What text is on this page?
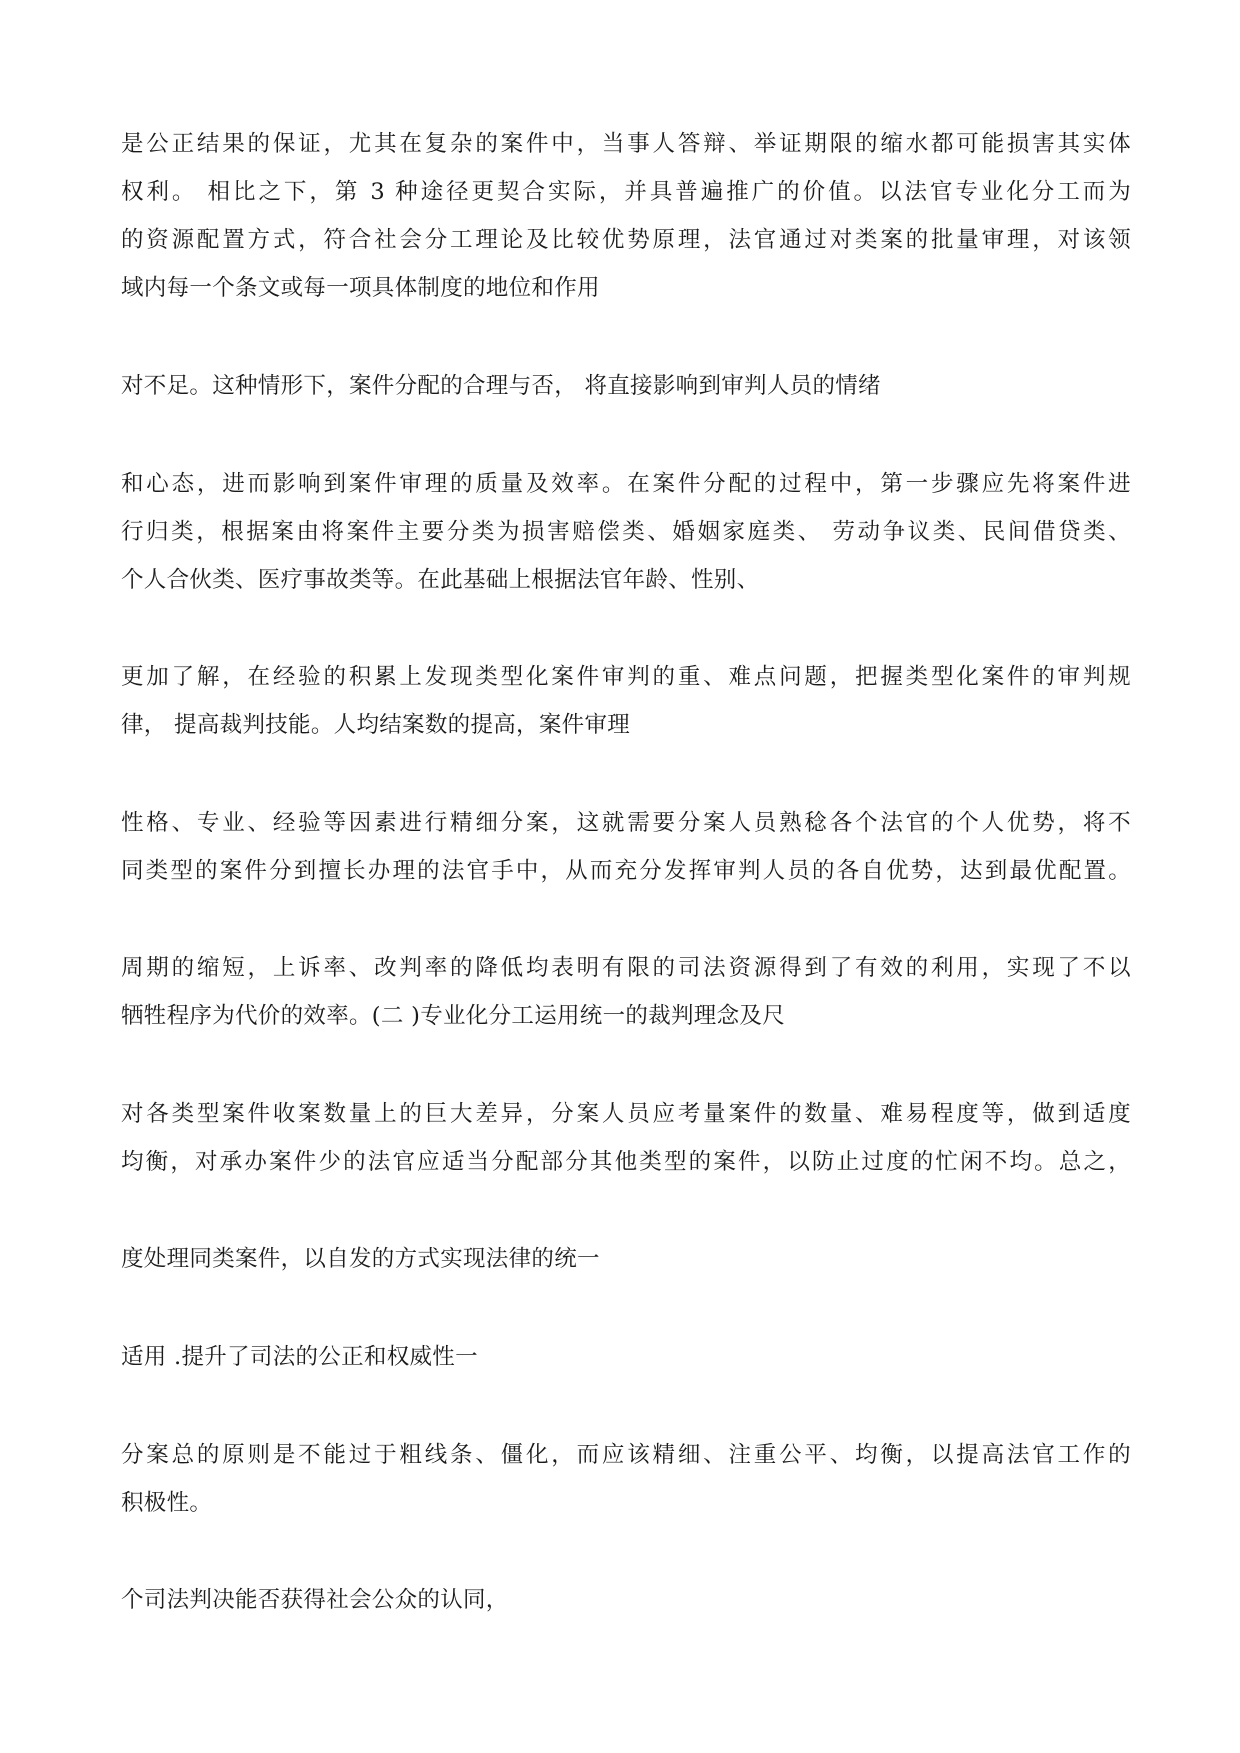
是公正结果的保证，尤其在复杂的案件中，当事人答辩、举证期限的缩水都可能损害其实体
权利。 相比之下，第 3 种途径更契合实际，并具普遍推广的价值。以法官专业化分工而为
的资源配置方式，符合社会分工理论及比较优势原理，法官通过对类案的批量审理，对该领
域内每一个条文或每一项具体制度的地位和作用
对不足。这种情形下，案件分配的合理与否， 将直接影响到审判人员的情绪
和心态，进而影响到案件审理的质量及效率。在案件分配的过程中，第一步骤应先将案件进
行归类，根据案由将案件主要分类为损害赔偿类、婚姻家庭类、 劳动争议类、民间借贷类、
个人合伙类、医疗事故类等。在此基础上根据法官年龄、性别、
更加了解，在经验的积累上发现类型化案件审判的重、难点问题，把握类型化案件的审判规
律， 提高裁判技能。人均结案数的提高，案件审理
性格、专业、经验等因素进行精细分案，这就需要分案人员熟稔各个法官的个人优势，将不
同类型的案件分到擅长办理的法官手中，从而充分发挥审判人员的各自优势，达到最优配置。
周期的缩短，上诉率、改判率的降低均表明有限的司法资源得到了有效的利用，实现了不以
牺牲程序为代价的效率。(二 )专业化分工运用统一的裁判理念及尺
对各类型案件收案数量上的巨大差异，分案人员应考量案件的数量、难易程度等，做到适度
均衡，对承办案件少的法官应适当分配部分其他类型的案件，以防止过度的忙闲不均。总之，
度处理同类案件，以自发的方式实现法律的统一
适用 .提升了司法的公正和权威性一
分案总的原则是不能过于粗线条、僵化，而应该精细、注重公平、均衡，以提高法官工作的
积极性。
个司法判决能否获得社会公众的认同，
